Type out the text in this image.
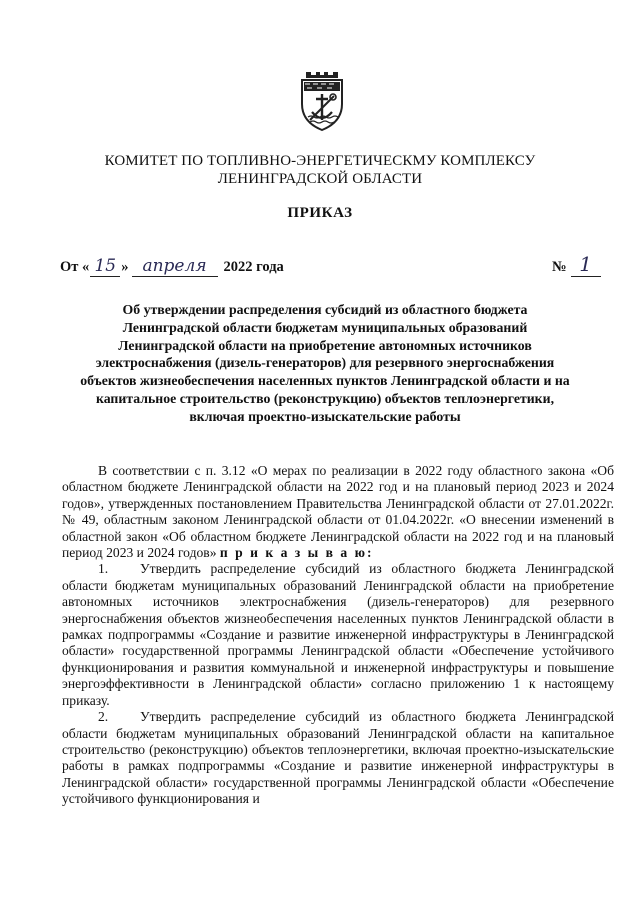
КОМИТЕТ ПО ТОПЛИВНО-ЭНЕРГЕТИЧЕСКМУ КОМПЛЕКСУ
ЛЕНИНГРАДСКОЙ ОБЛАСТИ
ПРИКАЗ
От « 15 » апреля 2022 года	№ 1
Об утверждении распределения субсидий из областного бюджета
Ленинградской области бюджетам муниципальных образований
Ленинградской области на приобретение автономных источников
электроснабжения (дизель-генераторов) для резервного энергоснабжения
объектов жизнеобеспечения населенных пунктов Ленинградской области и на
капитальное строительство (реконструкцию) объектов теплоэнергетики,
включая проектно-изыскательские работы

В соответствии с п. 3.12 «О мерах по реализации в 2022 году областного закона «Об областном бюджете Ленинградской области на 2022 год и на плановый период 2023 и 2024 годов», утвержденных постановлением Правительства Ленинградской области от 27.01.2022г. № 49, областным законом Ленинградской области от 01.04.2022г. «О внесении изменений в областной закон «Об областном бюджете Ленинградской области на 2022 год и на плановый период 2023 и 2024 годов» п р и к а з ы в а ю:

1. Утвердить распределение субсидий из областного бюджета Ленинградской области бюджетам муниципальных образований Ленинградской области на приобретение автономных источников электроснабжения (дизель-генераторов) для резервного энергоснабжения объектов жизнеобеспечения населенных пунктов Ленинградской области в рамках подпрограммы «Создание и развитие инженерной инфраструктуры в Ленинградской области» государственной программы Ленинградской области «Обеспечение устойчивого функционирования и развития коммунальной и инженерной инфраструктуры и повышение энергоэффективности в Ленинградской области» согласно приложению 1 к настоящему приказу.

2. Утвердить распределение субсидий из областного бюджета Ленинградской области бюджетам муниципальных образований Ленинградской области на капитальное строительство (реконструкцию) объектов теплоэнергетики, включая проектно-изыскательские работы в рамках подпрограммы «Создание и развитие инженерной инфраструктуры в Ленинградской области» государственной программы Ленинградской области «Обеспечение устойчивого функционирования и
